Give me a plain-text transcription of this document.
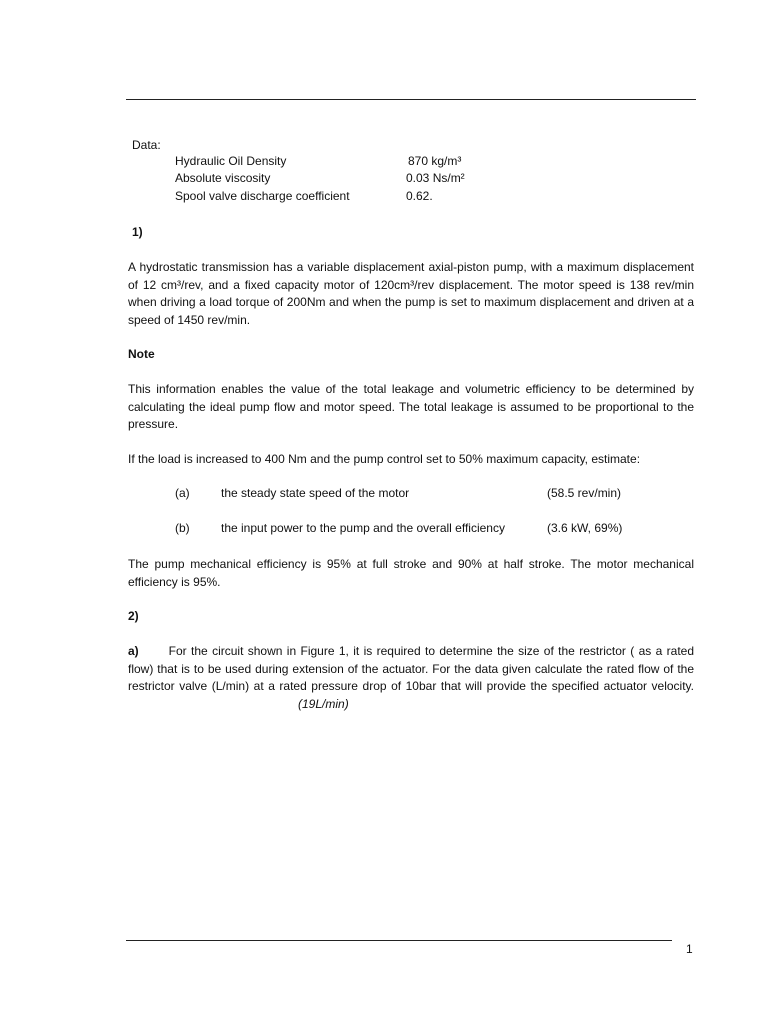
Data:

Hydraulic Oil Density	870 kg/m³
Absolute viscosity	0.03 Ns/m²
Spool valve discharge coefficient	0.62.

1)

A hydrostatic transmission has a variable displacement axial-piston pump, with a maximum displacement of 12 cm³/rev, and a fixed capacity motor of 120cm³/rev displacement. The motor speed is 138 rev/min when driving a load torque of 200Nm and when the pump is set to maximum displacement and driven at a speed of 1450 rev/min.

Note

This information enables the value of the total leakage and volumetric efficiency to be determined by calculating the ideal pump flow and motor speed. The total leakage is assumed to be proportional to the pressure.

If the load is increased to 400 Nm and the pump control set to 50% maximum capacity, estimate:

(a)	the steady state speed of the motor	(58.5 rev/min)
(b)	the input power to the pump and the overall efficiency	(3.6 kW, 69%)

The pump mechanical efficiency is 95% at full stroke and 90% at half stroke. The motor mechanical efficiency is 95%.

2)

a)	For the circuit shown in Figure 1, it is required to determine the size of the restrictor ( as a rated flow) that is to be used during extension of the actuator. For the data given calculate the rated flow of the restrictor valve (L/min) at a rated pressure drop of 10bar that will provide the specified actuator velocity.(19L/min)

1
